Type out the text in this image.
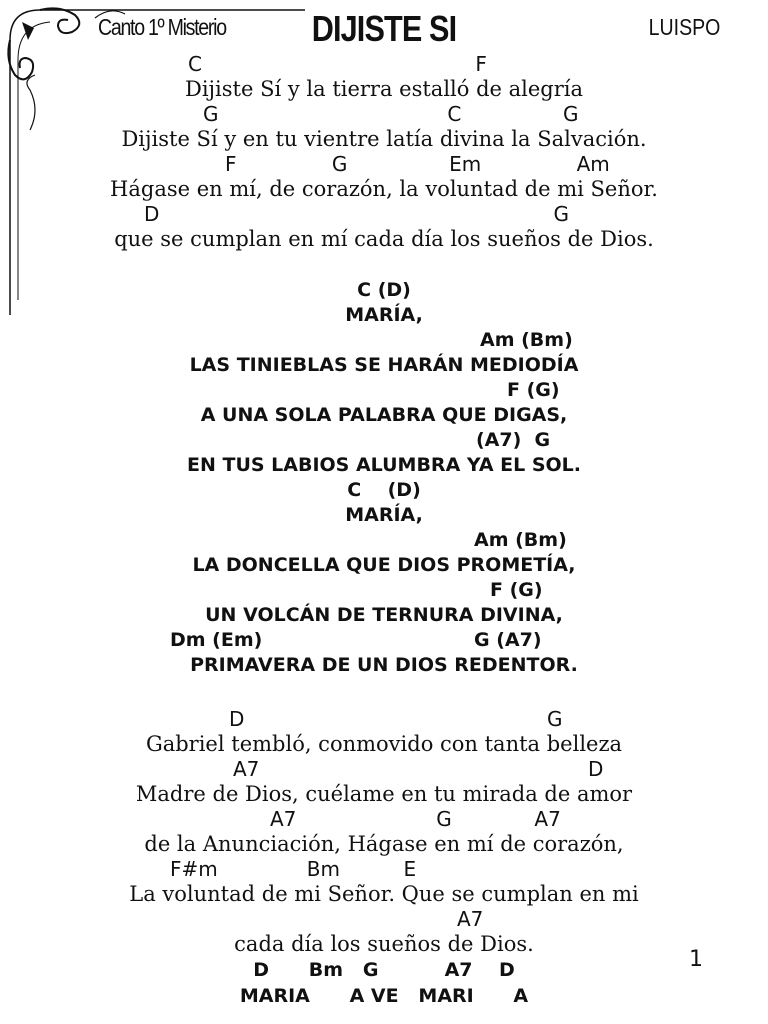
Canto 1º Misterio	DIJISTE SI	LUISPO
C                                           F
Dijiste Sí y la tierra estalló de alegría
G                                    C                G
Dijiste Sí y en tu vientre latía divina la Salvación.
F               G                Em               Am
Hágase en mí, de corazón, la voluntad de mi Señor.
D                                                              G
que se cumplan en mí cada día los sueños de Dios.
C (D)
MARÍA,
Am (Bm)
LAS TINIEBLAS SE HARÁN MEDIODÍA
F (G)
A UNA SOLA PALABRA QUE DIGAS,
(A7)  G
EN TUS LABIOS ALUMBRA YA EL SOL.
C    (D)
MARÍA,
Am (Bm)
LA DONCELLA QUE DIOS PROMETÍA,
F (G)
UN VOLCÁN DE TERNURA DIVINA,
Dm (Em)	G (A7)
PRIMAVERA DE UN DIOS REDENTOR.
D	G
Gabriel tembló, conmovido con tanta belleza
A7	D
Madre de Dios, cuélame en tu mirada de amor
A7                      G             A7
de la Anunciación, Hágase en mí de corazón,
F#m              Bm          E
La voluntad de mi Señor. Que se cumplan en mi
A7
cada día los sueños de Dios.
D      Bm   G          A7    D
MARIA      A VE   MARI      A
1
